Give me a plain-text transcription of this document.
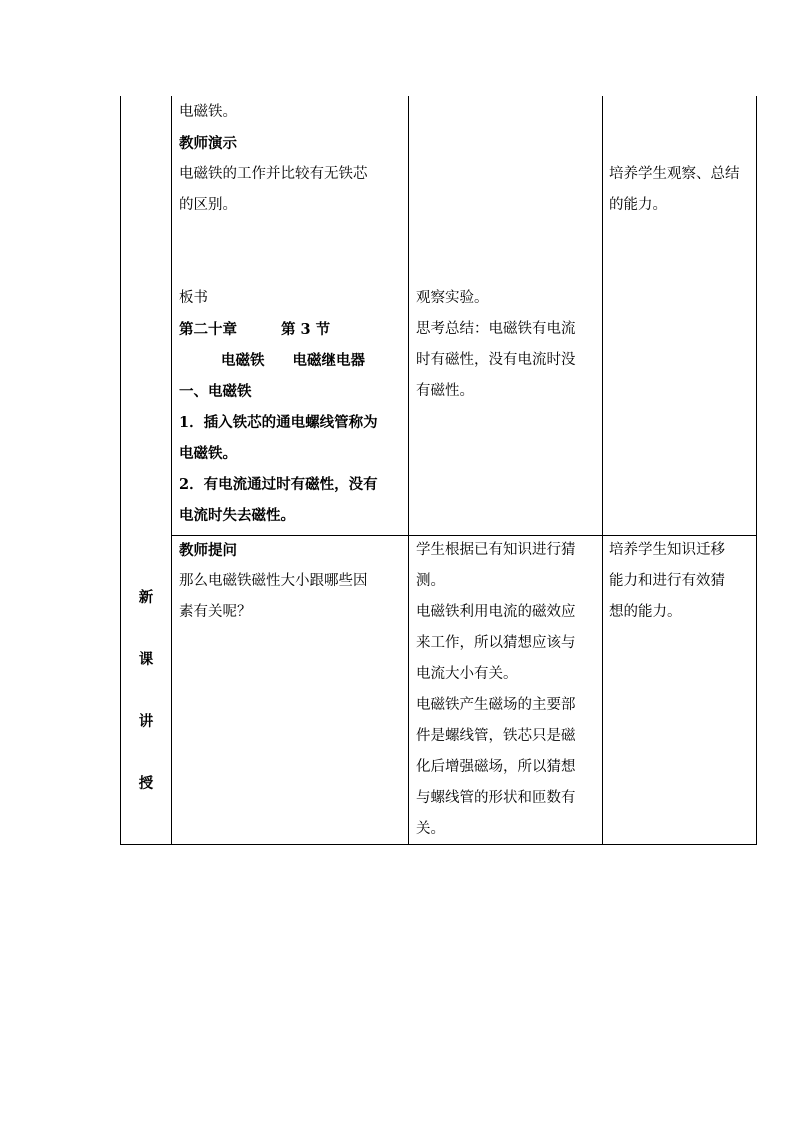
电磁铁。

教师演示

电磁铁的工作并比较有无铁芯

的区别。

板书

第二十章	第 3 节

电磁铁 电磁继电器

一、电磁铁

1．插入铁芯的通电螺线管称为

电磁铁。

2．有电流通过时有磁性，没有

电流时失去磁性。

观察实验。

思考总结：电磁铁有电流

时有磁性，没有电流时没

有磁性。

培养学生观察、总结

的能力。

新
课
讲
授

教师提问

那么电磁铁磁性大小跟哪些因

素有关呢？

学生根据已有知识进行猜

测。

电磁铁利用电流的磁效应

来工作，所以猜想应该与

电流大小有关。

电磁铁产生磁场的主要部

件是螺线管，铁芯只是磁

化后增强磁场，所以猜想

与螺线管的形状和匝数有

关。

培养学生知识迁移

能力和进行有效猜

想的能力。
